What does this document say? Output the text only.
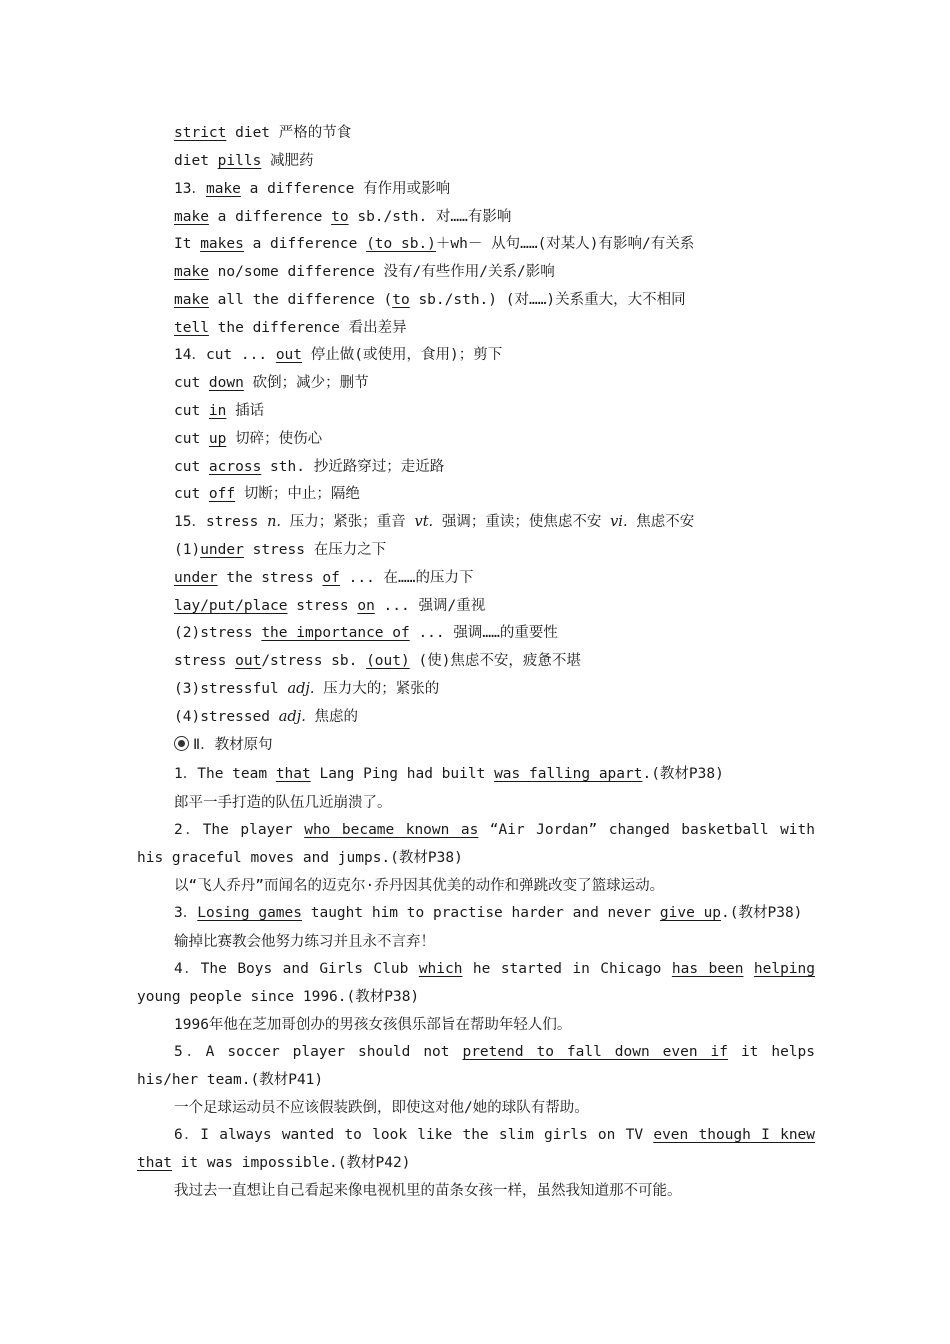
strict diet 严格的节食
diet pills 减肥药
13．make a difference 有作用或影响
make a difference to sb./sth. 对……有影响
It makes a difference (to sb.)＋wh－ 从句……(对某人)有影响/有关系
make no/some difference 没有/有些作用/关系/影响
make all the difference (to sb./sth.) (对……)关系重大，大不相同
tell the difference 看出差异
14．cut ... out 停止做(或使用，食用)；剪下
cut down 砍倒；减少；删节
cut in 插话
cut up 切碎；使伤心
cut across sth. 抄近路穿过；走近路
cut off 切断；中止；隔绝
15．stress n. 压力；紧张；重音 vt. 强调；重读；使焦虑不安 vi. 焦虑不安
(1)under stress 在压力之下
under the stress of ... 在……的压力下
lay/put/place stress on ... 强调/重视
(2)stress the importance of ... 强调……的重要性
stress out/stress sb. (out) (使)焦虑不安，疲惫不堪
(3)stressful adj. 压力大的；紧张的
(4)stressed adj. 焦虑的
Ⅱ．教材原句
1．The team that Lang Ping had built was falling apart.(教材P38)
郎平一手打造的队伍几近崩溃了。
2．The player who became known as “Air Jordan” changed basketball with his graceful moves and jumps.(教材P38)
以“飞人乔丹”而闻名的迈克尔·乔丹因其优美的动作和弹跳改变了篮球运动。
3．Losing games taught him to practise harder and never give up.(教材P38)
输掉比赛教会他努力练习并且永不言弃！
4．The Boys and Girls Club which he started in Chicago has been helping young people since 1996.(教材P38)
1996年他在芝加哥创办的男孩女孩俱乐部旨在帮助年轻人们。
5．A soccer player should not pretend to fall down even if it helps his/her team.(教材P41)
一个足球运动员不应该假装跌倒，即使这对他/她的球队有帮助。
6．I always wanted to look like the slim girls on TV even though I knew that it was impossible.(教材P42)
我过去一直想让自己看起来像电视机里的苗条女孩一样，虽然我知道那不可能。
